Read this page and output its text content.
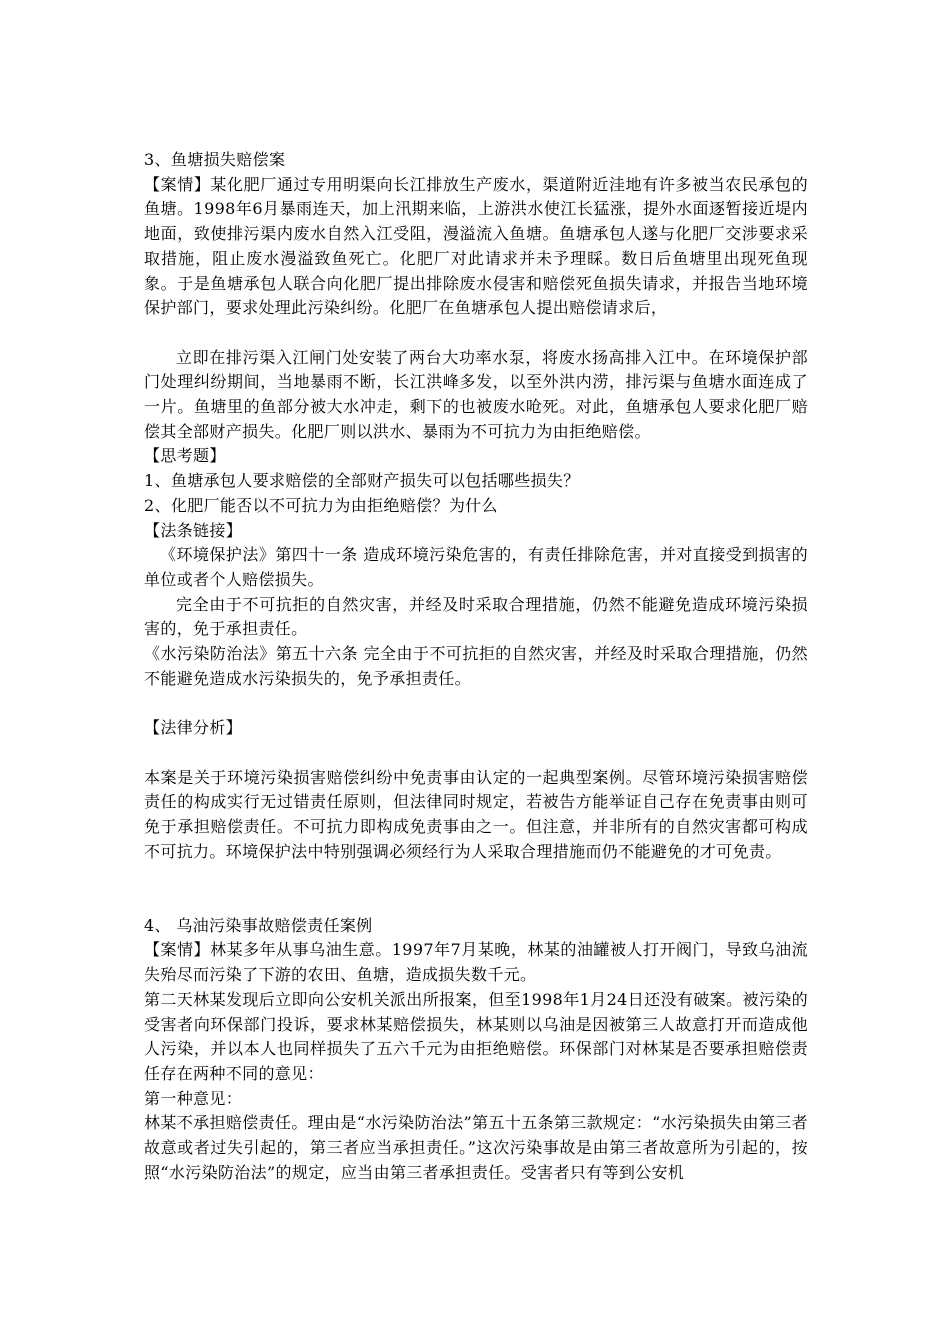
3、鱼塘损失赔偿案

【案情】某化肥厂通过专用明渠向长江排放生产废水，渠道附近洼地有许多被当农民承包的鱼塘。1998年6月暴雨连天，加上汛期来临，上游洪水使江长猛涨，提外水面逐暂接近堤内地面，致使排污渠内废水自然入江受阻，漫溢流入鱼塘。鱼塘承包人遂与化肥厂交涉要求采取措施，阻止废水漫溢致鱼死亡。化肥厂对此请求并未予理睬。数日后鱼塘里出现死鱼现象。于是鱼塘承包人联合向化肥厂提出排除废水侵害和赔偿死鱼损失请求，并报告当地环境保护部门，要求处理此污染纠纷。化肥厂在鱼塘承包人提出赔偿请求后，

立即在排污渠入江闸门处安装了两台大功率水泵，将废水扬高排入江中。在环境保护部门处理纠纷期间，当地暴雨不断，长江洪峰多发，以至外洪内涝，排污渠与鱼塘水面连成了一片。鱼塘里的鱼部分被大水冲走，剩下的也被废水呛死。对此，鱼塘承包人要求化肥厂赔偿其全部财产损失。化肥厂则以洪水、暴雨为不可抗力为由拒绝赔偿。

【思考题】

1、鱼塘承包人要求赔偿的全部财产损失可以包括哪些损失？

2、化肥厂能否以不可抗力为由拒绝赔偿？为什么

【法条链接】

《环境保护法》第四十一条 造成环境污染危害的，有责任排除危害，并对直接受到损害的单位或者个人赔偿损失。

完全由于不可抗拒的自然灾害，并经及时采取合理措施，仍然不能避免造成环境污染损害的，免于承担责任。

《水污染防治法》第五十六条 完全由于不可抗拒的自然灾害，并经及时采取合理措施，仍然不能避免造成水污染损失的，免予承担责任。

【法律分析】

本案是关于环境污染损害赔偿纠纷中免责事由认定的一起典型案例。尽管环境污染损害赔偿责任的构成实行无过错责任原则，但法律同时规定，若被告方能举证自己存在免责事由则可免于承担赔偿责任。不可抗力即构成免责事由之一。但注意，并非所有的自然灾害都可构成不可抗力。环境保护法中特别强调必须经行为人采取合理措施而仍不能避免的才可免责。

4、 乌油污染事故赔偿责任案例

【案情】林某多年从事乌油生意。1997年7月某晚，林某的油罐被人打开阀门，导致乌油流失殆尽而污染了下游的农田、鱼塘，造成损失数千元。

第二天林某发现后立即向公安机关派出所报案，但至1998年1月24日还没有破案。被污染的受害者向环保部门投诉，要求林某赔偿损失，林某则以乌油是因被第三人故意打开而造成他人污染，并以本人也同样损失了五六千元为由拒绝赔偿。环保部门对林某是否要承担赔偿责任存在两种不同的意见：

第一种意见：

林某不承担赔偿责任。理由是“水污染防治法”第五十五条第三款规定：“水污染损失由第三者故意或者过失引起的，第三者应当承担责任。”这次污染事故是由第三者故意所为引起的，按照“水污染防治法”的规定，应当由第三者承担责任。受害者只有等到公安机
